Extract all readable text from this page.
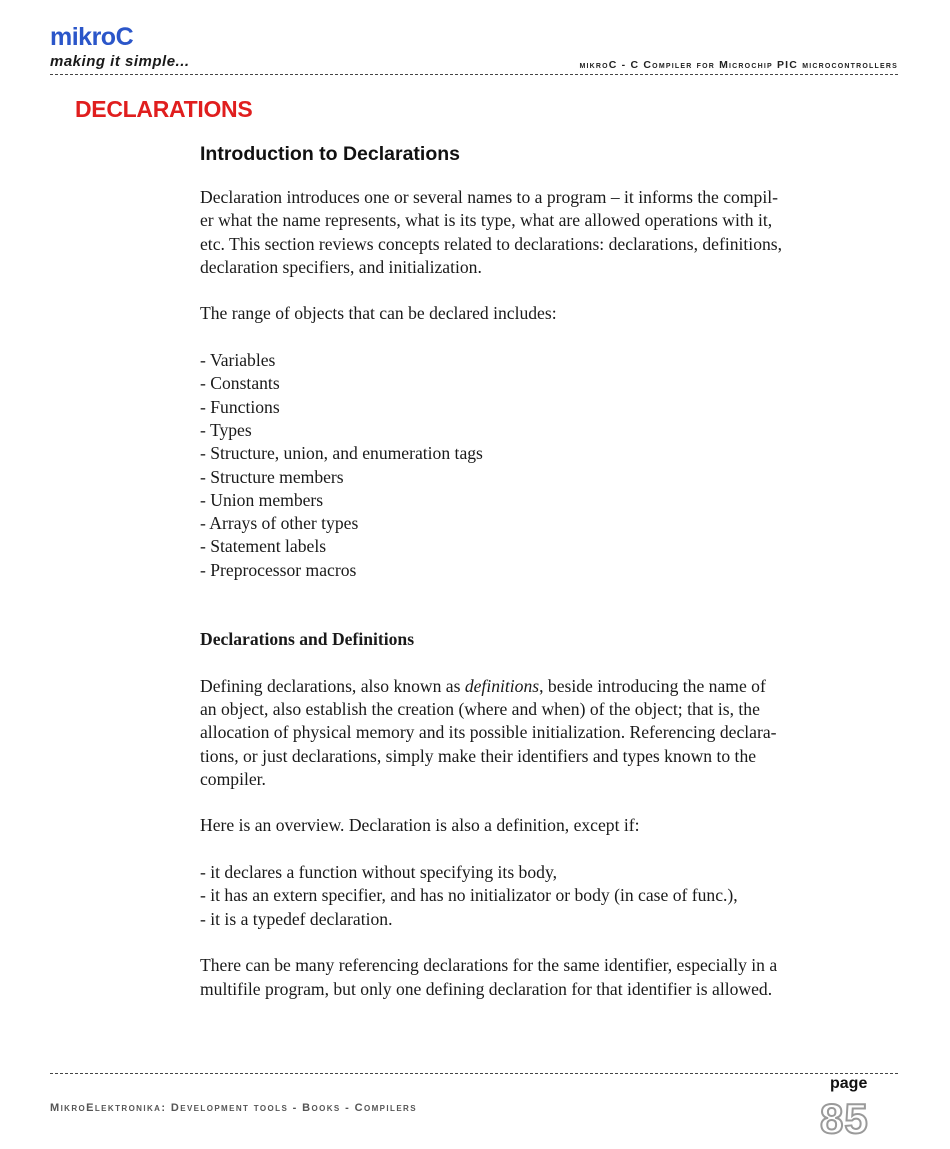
mikroC
making it simple...	mikroC - C Compiler for Microchip PIC microcontrollers
DECLARATIONS
Introduction to Declarations
Declaration introduces one or several names to a program – it informs the compil-
er what the name represents, what is its type, what are allowed operations with it,
etc. This section reviews concepts related to declarations: declarations, definitions,
declaration specifiers, and initialization.
The range of objects that can be declared includes:
- Variables
- Constants
- Functions
- Types
- Structure, union, and enumeration tags
- Structure members
- Union members
- Arrays of other types
- Statement labels
- Preprocessor macros
Declarations and Definitions
Defining declarations, also known as definitions, beside introducing the name of
an object, also establish the creation (where and when) of the object; that is, the
allocation of physical memory and its possible initialization. Referencing declara-
tions, or just declarations, simply make their identifiers and types known to the
compiler.
Here is an overview. Declaration is also a definition, except if:
- it declares a function without specifying its body,
- it has an extern specifier, and has no initializator or body (in case of func.),
- it is a typedef declaration.
There can be many referencing declarations for the same identifier, especially in a
multifile program, but only one defining declaration for that identifier is allowed.
MikroElektronika: Development tools - Books - Compilers
page
85
